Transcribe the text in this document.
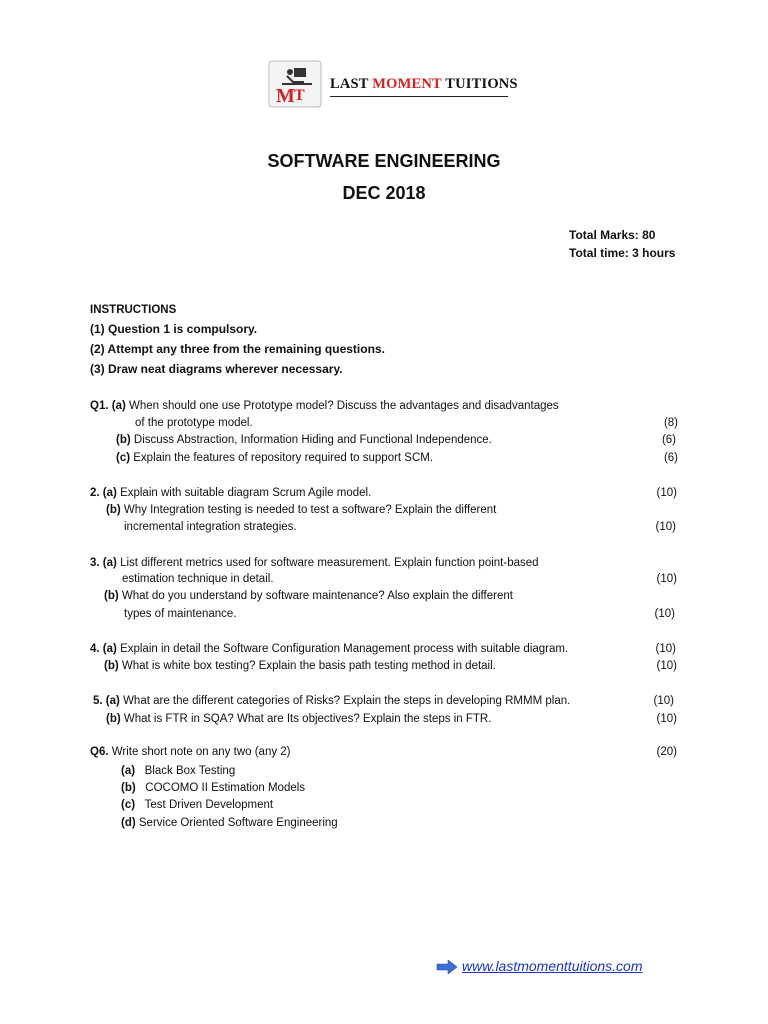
M T
LAST MOMENT TUITIONS
SOFTWARE ENGINEERING
DEC 2018
Total Marks: 80
Total time: 3 hours
INSTRUCTIONS
(1) Question 1 is compulsory.
(2) Attempt any three from the remaining questions.
(3) Draw neat diagrams wherever necessary.
Q1. (a) When should one use Prototype model? Discuss the advantages and disadvantages
of the prototype model.	(8)
(b) Discuss Abstraction, Information Hiding and Functional Independence.	(6)
(c) Explain the features of repository required to support SCM.	(6)
2. (a) Explain with suitable diagram Scrum Agile model.	(10)
(b) Why Integration testing is needed to test a software? Explain the different
incremental integration strategies.	(10)
3. (a) List different metrics used for software measurement. Explain function point-based
estimation technique in detail.	(10)
(b) What do you understand by software maintenance? Also explain the different
types of maintenance.	(10)
4. (a) Explain in detail the Software Configuration Management process with suitable diagram.	(10)
(b) What is white box testing? Explain the basis path testing method in detail.	(10)
5. (a) What are the different categories of Risks? Explain the steps in developing RMMM plan.	(10)
(b) What is FTR in SQA? What are Its objectives? Explain the steps in FTR.	(10)
Q6. Write short note on any two (any 2)	(20)
(a) Black Box Testing
(b) COCOMO II Estimation Models
(c) Test Driven Development
(d) Service Oriented Software Engineering
www.lastmomenttuitions.com
